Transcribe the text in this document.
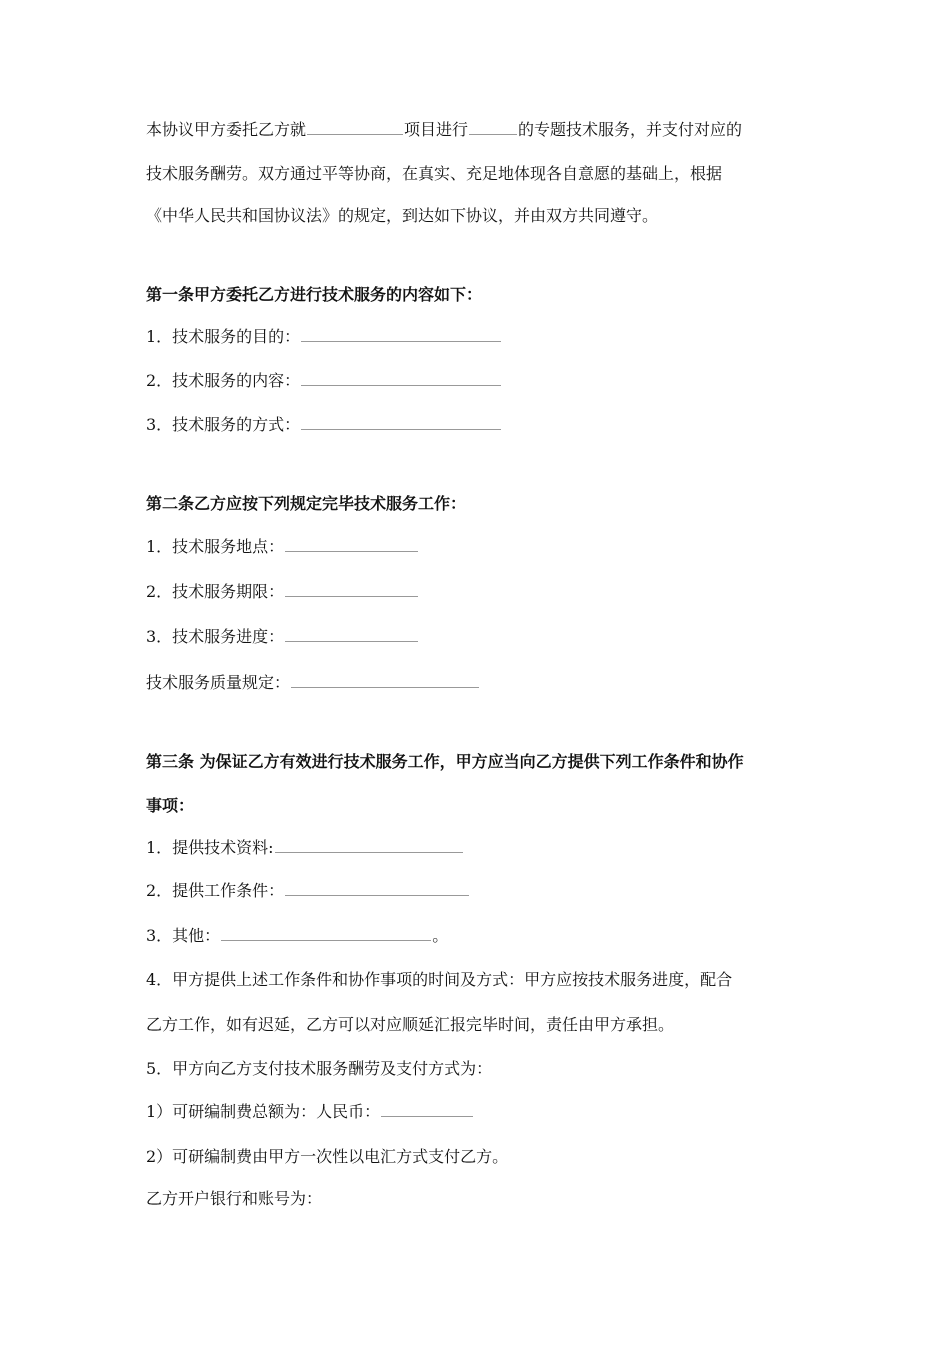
本协议甲方委托乙方就	项目进行	的专题技术服务，并支付对应的
技术服务酬劳。双方通过平等协商，在真实、充足地体现各自意愿的基础上，根据
《中华人民共和国协议法》的规定，到达如下协议，并由双方共同遵守。
第一条甲方委托乙方进行技术服务的内容如下：
1．技术服务的目的：
2．技术服务的内容：
3．技术服务的方式：
第二条乙方应按下列规定完毕技术服务工作：
1．技术服务地点：
2．技术服务期限：
3．技术服务进度：
技术服务质量规定：
第三条 为保证乙方有效进行技术服务工作，甲方应当向乙方提供下列工作条件和协作
事项：
1．提供技术资料:
2．提供工作条件：
3．其他：	。
4．甲方提供上述工作条件和协作事项的时间及方式：甲方应按技术服务进度，配合
乙方工作，如有迟延，乙方可以对应顺延汇报完毕时间，责任由甲方承担。
5．甲方向乙方支付技术服务酬劳及支付方式为：
1）可研编制费总额为：人民币：
2）可研编制费由甲方一次性以电汇方式支付乙方。
乙方开户银行和账号为：
